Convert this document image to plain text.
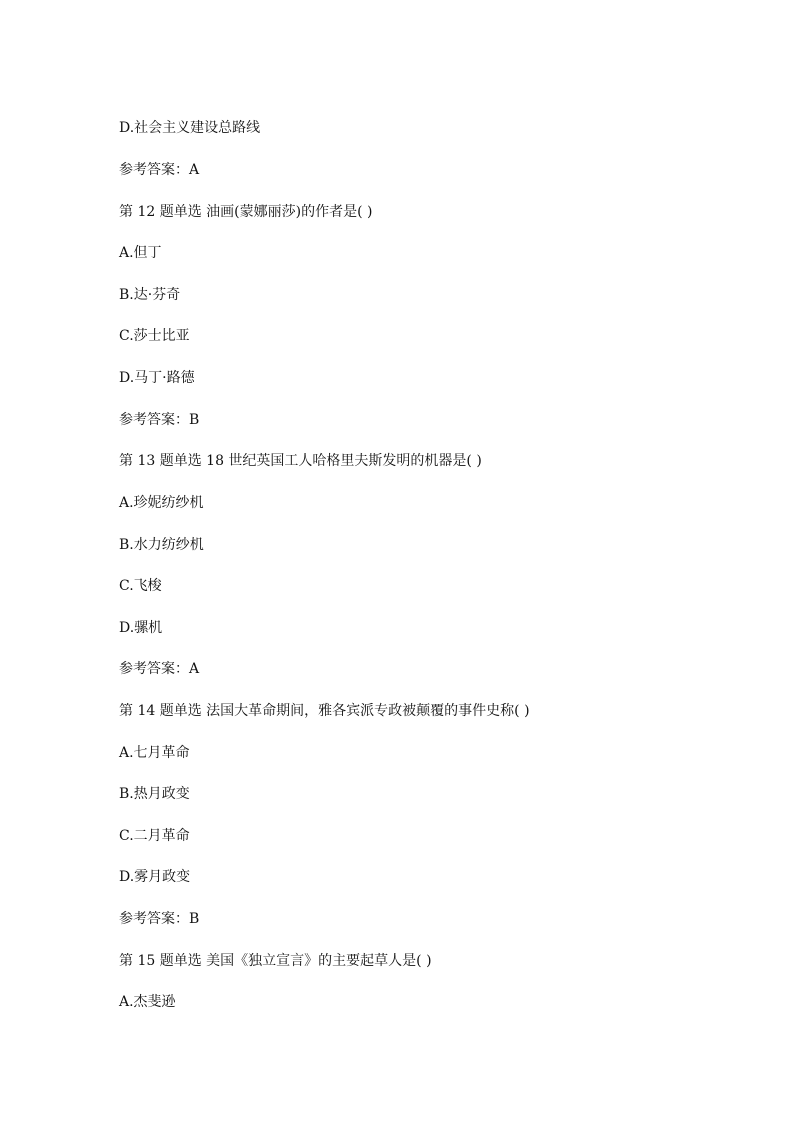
D.社会主义建设总路线
参考答案：A
第 12 题单选 油画(蒙娜丽莎)的作者是( )
A.但丁
B.达·芬奇
C.莎士比亚
D.马丁·路德
参考答案：B
第 13 题单选 18 世纪英国工人哈格里夫斯发明的机器是( )
A.珍妮纺纱机
B.水力纺纱机
C.飞梭
D.骡机
参考答案：A
第 14 题单选 法国大革命期间，雅各宾派专政被颠覆的事件史称( )
A.七月革命
B.热月政变
C.二月革命
D.雾月政变
参考答案：B
第 15 题单选 美国《独立宣言》的主要起草人是( )
A.杰斐逊
